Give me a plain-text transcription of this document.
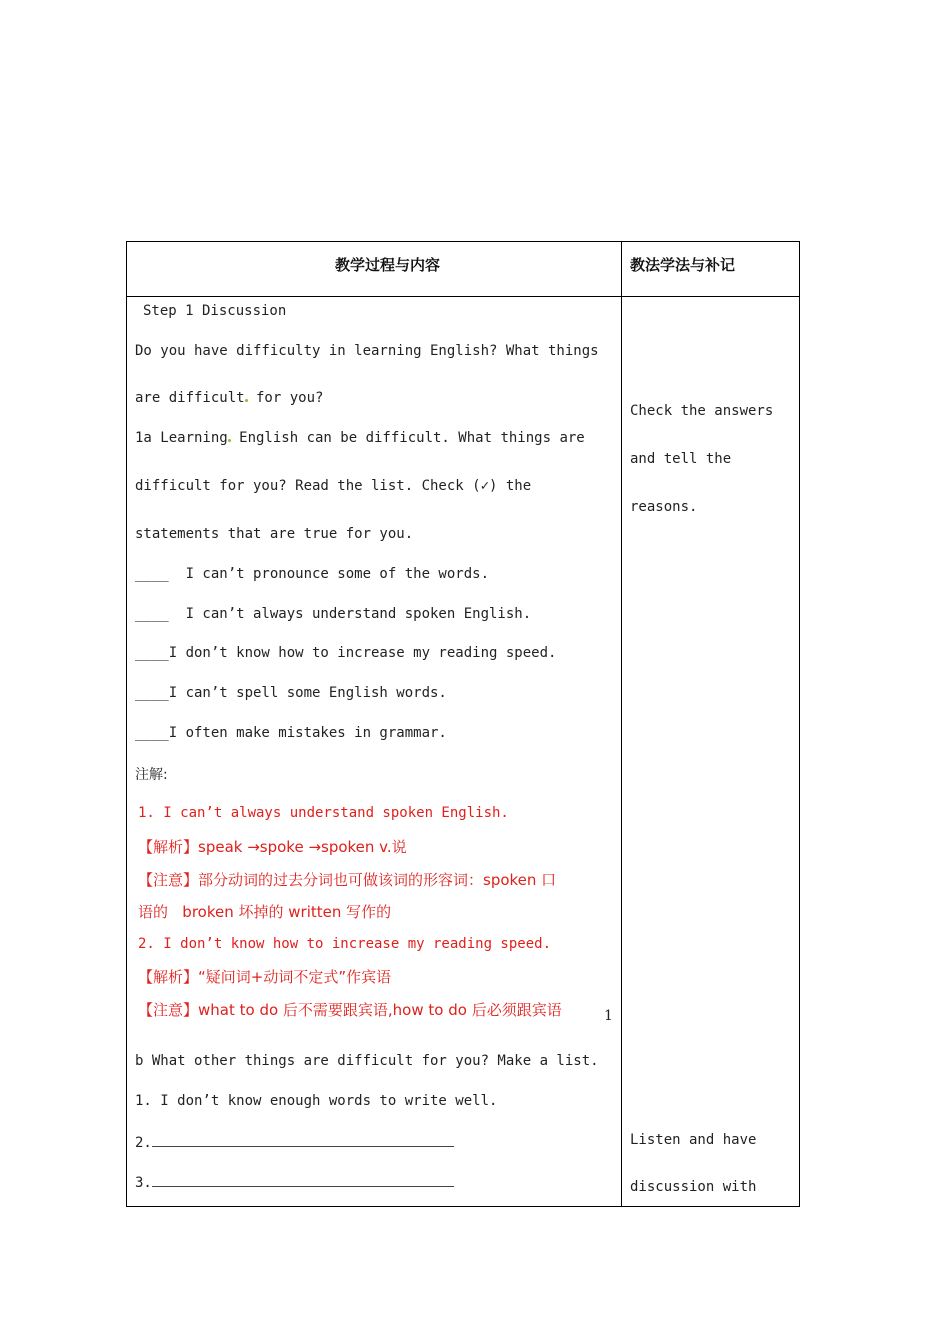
教学过程与内容	教法学法与补记
Step 1 Discussion
Do you have difficulty in learning English? What things
are difficult for you?
1a Learning English can be difficult. What things are
difficult for you? Read the list. Check (✓) the
statements that are true for you.
____  I can’t pronounce some of the words.
____  I can’t always understand spoken English.
____I don’t know how to increase my reading speed.
____I can’t spell some English words.
____I often make mistakes in grammar.
注解:
1. I can’t always understand spoken English.
【解析】speak →spoke →spoken v.说
【注意】部分动词的过去分词也可做该词的形容词：spoken 口
语的   broken 坏掉的 written 写作的
2. I don’t know how to increase my reading speed.
【解析】“疑问词+动词不定式”作宾语
【注意】what to do 后不需要跟宾语,how to do 后必须跟宾语	1
b What other things are difficult for you? Make a list.
1. I don’t know enough words to write well.
2.
3.
Check the answers
and tell the
reasons.
Listen and have
discussion with
